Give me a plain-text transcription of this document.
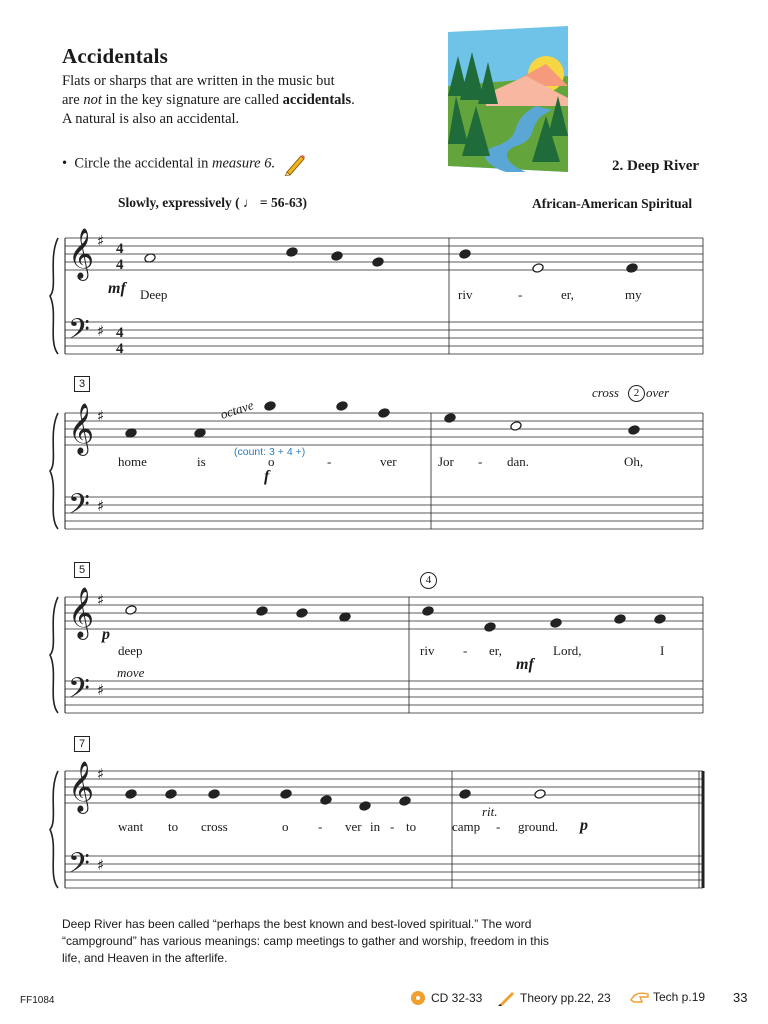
Accidentals
Flats or sharps that are written in the music but
are not in the key signature are called accidentals.
A natural is also an accidental.
•  Circle the accidental in measure 6.	2. Deep River
Slowly, expressively ( ♩ = 56-63)	African-American Spiritual
𝄞
𝄢
♯
♯
4
4
4
4
𝄞
𝄢
♯
♯
𝄞
𝄢
♯
♯
𝄞
𝄢
♯
♯
mf Deep	riv	-	er,	my
3
octave
cross	2 over
(count: 3 + 4 +)
home	is	o	-	ver	Jor - dan.	Oh,
f
5
4
p
deep	riv - er,	Lord,	I
move	mf
7
rit.
want to cross	o - ver in - to	camp - ground. p
Deep River has been called “perhaps the best known and best-loved spiritual.” The word “campground” has various meanings: camp meetings to gather and worship, freedom in this life, and Heaven in the afterlife.
FF1084	CD 32-33	Theory pp.22, 23	Tech p.19 33
